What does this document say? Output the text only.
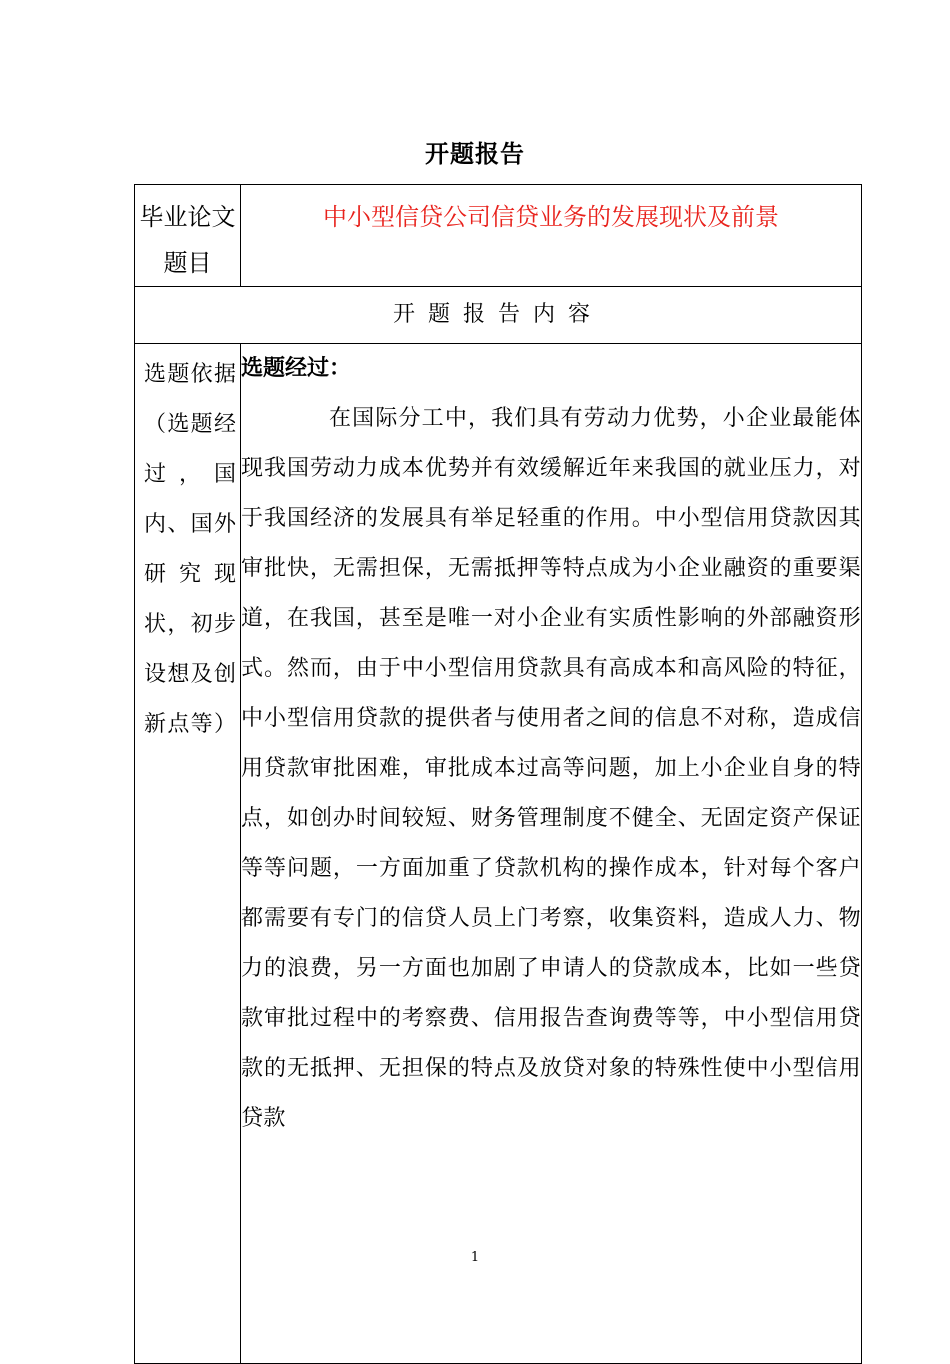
开题报告
毕业论文题目	中小型信贷公司信贷业务的发展现状及前景

开题报告内容	

选题依据（选题经过，国内、国外研究现状，初步设想及创新点等）	选题经过：

在国际分工中，我们具有劳动力优势，小企业最能体现我国劳动力成本优势并有效缓解近年来我国的就业压力，对于我国经济的发展具有举足轻重的作用。中小型信用贷款因其审批快，无需担保，无需抵押等特点成为小企业融资的重要渠道，在我国，甚至是唯一对小企业有实质性影响的外部融资形式。然而，由于中小型信用贷款具有高成本和高风险的特征，中小型信用贷款的提供者与使用者之间的信息不对称，造成信用贷款审批困难，审批成本过高等问题，加上小企业自身的特点，如创办时间较短、财务管理制度不健全、无固定资产保证等等问题，一方面加重了贷款机构的操作成本，针对每个客户都需要有专门的信贷人员上门考察，收集资料，造成人力、物力的浪费，另一方面也加剧了申请人的贷款成本，比如一些贷款审批过程中的考察费、信用报告查询费等等，中小型信用贷款的无抵押、无担保的特点及放贷对象的特殊性使中小型信用贷款

1
